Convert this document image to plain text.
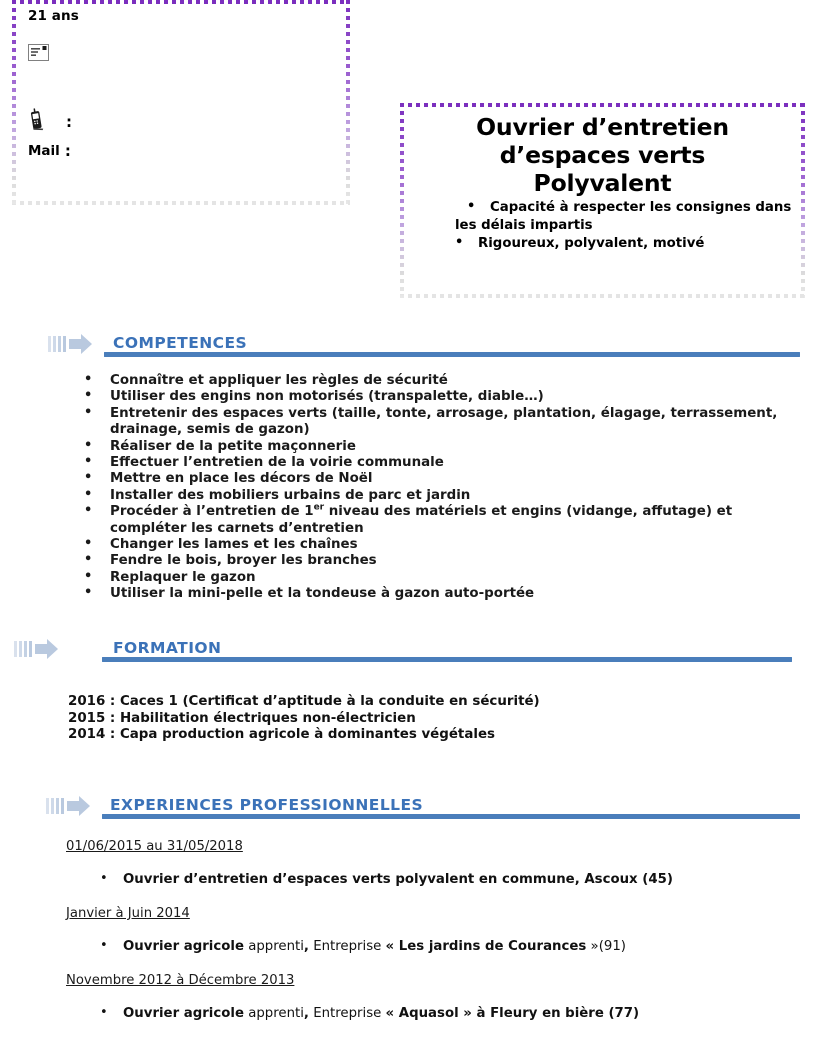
21 ans
:
Mail :
Ouvrier d’entretien
d’espaces verts
Polyvalent
• Capacité à respecter les consignes dans
les délais impartis
• Rigoureux, polyvalent, motivé
COMPETENCES
• Connaître et appliquer les règles de sécurité
• Utiliser des engins non motorisés (transpalette, diable…)
• Entretenir des espaces verts (taille, tonte, arrosage, plantation, élagage, terrassement, drainage, semis de gazon)
• Réaliser de la petite maçonnerie
• Effectuer l’entretien de la voirie communale
• Mettre en place les décors de Noël
• Installer des mobiliers urbains de parc et jardin
• Procéder à l’entretien de 1er niveau des matériels et engins (vidange, affutage) et compléter les carnets d’entretien
• Changer les lames et les chaînes
• Fendre le bois, broyer les branches
• Replaquer le gazon
• Utiliser la mini-pelle et la tondeuse à gazon auto-portée
FORMATION
2016 : Caces 1 (Certificat d’aptitude à la conduite en sécurité)
2015 : Habilitation électriques non-électricien
2014 : Capa production agricole à dominantes végétales
EXPERIENCES PROFESSIONNELLES
01/06/2015 au 31/05/2018
• Ouvrier d’entretien d’espaces verts polyvalent en commune, Ascoux (45)
Janvier à Juin 2014
• Ouvrier agricole apprenti, Entreprise « Les jardins de Courances »(91)
Novembre 2012 à Décembre 2013
• Ouvrier agricole apprenti, Entreprise « Aquasol » à Fleury en bière (77)
